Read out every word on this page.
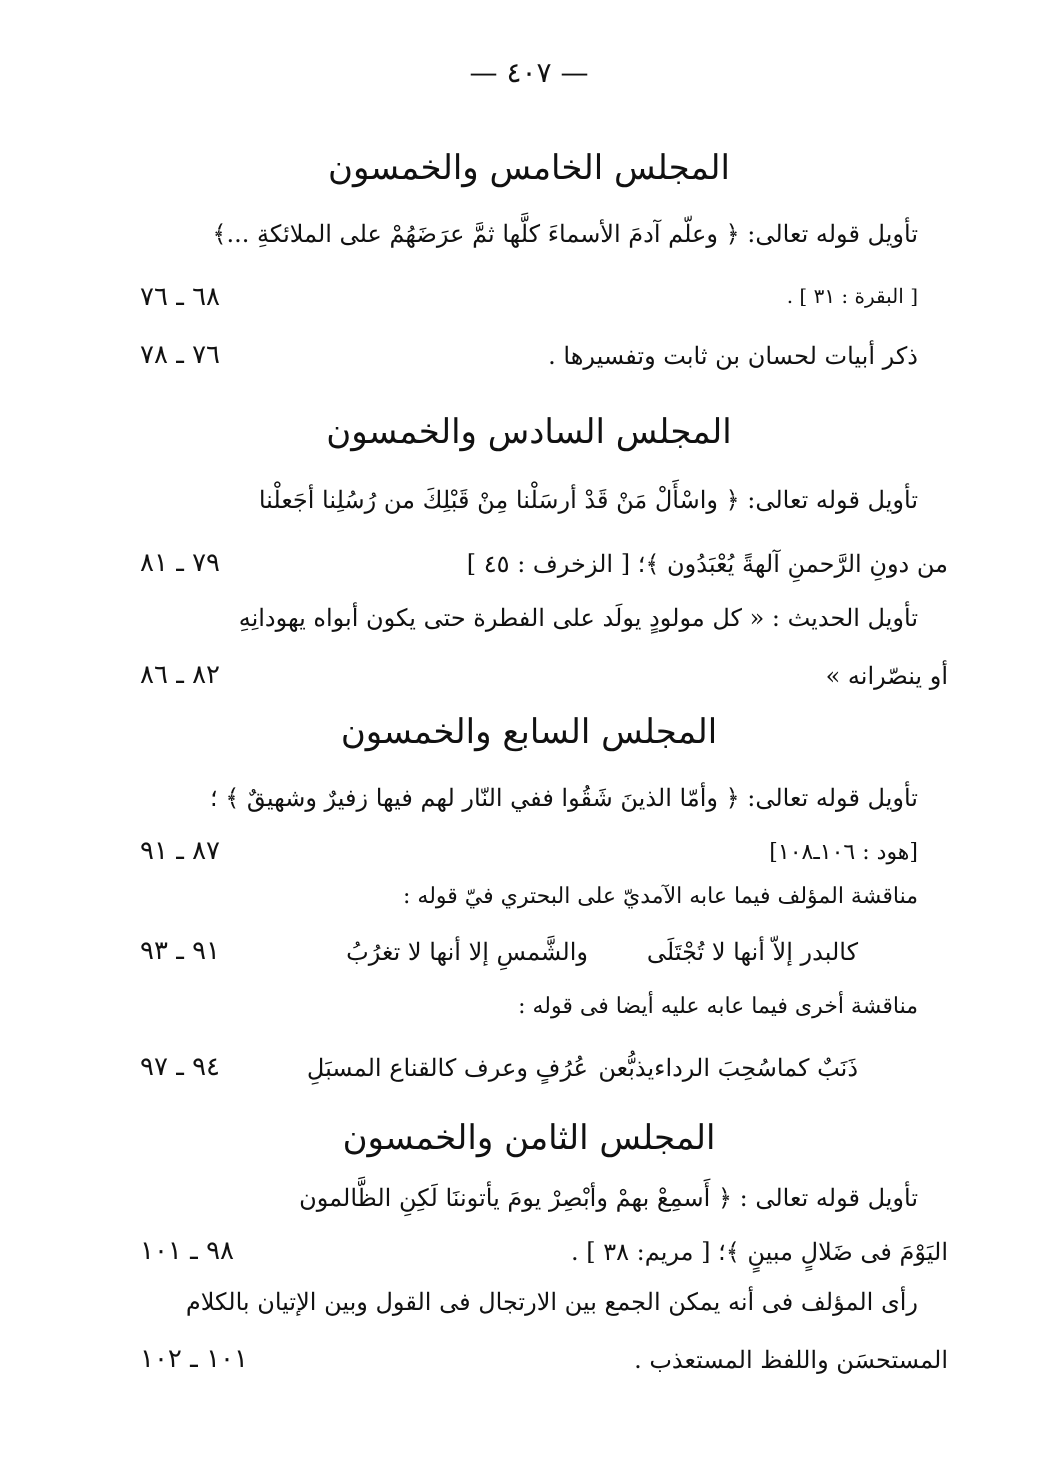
— ٤٠٧ —
المجلس الخامس والخمسون
تأويل قوله تعالى: ﴿ وعلّم آدمَ الأسماءَ كلَّها ثمَّ عرَضَهُمْ على الملائكةِ ...﴾
[ البقرة : ٣١ ] .
٦٨ ـ ٧٦
ذكر أبيات لحسان بن ثابت وتفسيرها .
٧٦ ـ ٧٨
المجلس السادس والخمسون
تأويل قوله تعالى: ﴿ واسْأَلْ مَنْ قَدْ أرسَلْنا مِنْ قَبْلِكَ من رُسُلِنا أجَعلْنا
من دونِ الرَّحمنِ آلهةً يُعْبَدُون ﴾؛ [ الزخرف : ٤٥ ]
٧٩ ـ ٨١
تأويل الحديث : « كل مولودٍ يولَد على الفطرة حتى يكون أبواه يهودانِهِ
أو ينصّرانه »
٨٢ ـ ٨٦
المجلس السابع والخمسون
تأويل قوله تعالى: ﴿ وأمّا الذينَ شَقُوا ففي النّار لهم فيها زفيرٌ وشهيقٌ ﴾ ؛
[هود : ١٠٦ـ١٠٨]
٨٧ ـ ٩١
مناقشة المؤلف فيما عابه الآمديّ على البحتري فيّ قوله :
كالبدر إلاّ أنها لا تُجْتَلَى
والشَّمسِ إلا أنها لا تغرُبُ
٩١ ـ ٩٣
مناقشة أخرى فيما عابه عليه أيضا فى قوله :
ذَنَبٌ كماسُحِبَ الرداءيذبُّعن
عُرُفٍ وعرف كالقناع المسبَلِ
٩٤ ـ ٩٧
المجلس الثامن والخمسون
تأويل قوله تعالى : ﴿ أَسمِعْ بهمْ وأبْصِرْ يومَ يأتوننَا لَكِنِ الظَّالمون
اليَوْمَ فى ضَلالٍ مبينٍ ﴾؛ [ مريم: ٣٨ ] .
٩٨ ـ ١٠١
رأى المؤلف فى أنه يمكن الجمع بين الارتجال فى القول وبين الإتيان بالكلام
المستحسَن واللفظ المستعذب .
١٠١ ـ ١٠٢
